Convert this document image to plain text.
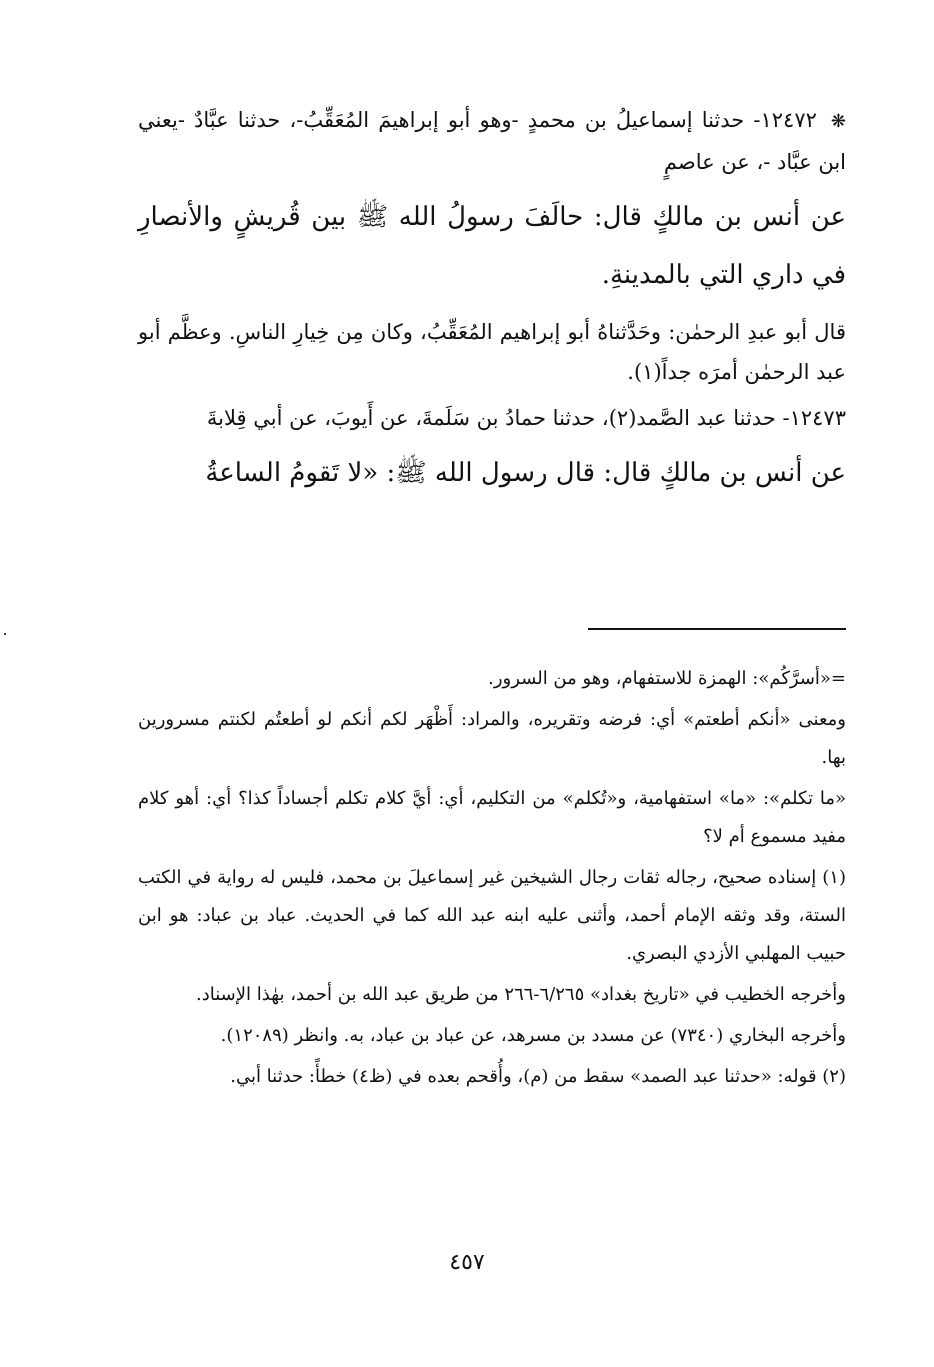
❋١٢٤٧٢- حدثنا إسماعيلُ بن محمدٍ -وهو أبو إبراهيمَ المُعَقِّبُ-، حدثنا عبَّادٌ -يعني ابن عبَّاد -، عن عاصمٍ

عن أنس بن مالكٍ قال: حالَفَ رسولُ الله ﷺ بين قُريشٍ والأنصارِ في داري التي بالمدينةِ.

قال أبو عبدِ الرحمٰن: وحَدَّثناهُ أبو إبراهيم المُعَقِّبُ، وكان مِن خِيارِ الناسِ. وعظَّم أبو عبد الرحمٰن أمرَه جداً(١).

١٢٤٧٣- حدثنا عبد الصَّمد(٢)، حدثنا حمادُ بن سَلَمةَ، عن أَيوبَ، عن أبي قِلابةَ

عن أنس بن مالكٍ قال: قال رسول الله ﷺ: «لا تَقومُ الساعةُ

=«أسرَّكُم»: الهمزة للاستفهام، وهو من السرور.

ومعنى «أنكم أطعتم» أي: فرضه وتقريره، والمراد: أَظْهَر لكم أنكم لو أطعتُم لكنتم مسرورين بها.

«ما تكلم»: «ما» استفهامية، و«تُكلم» من التكليم، أي: أيَّ كلام تكلم أجساداً كذا؟ أي: أهو كلام مفيد مسموع أم لا؟

(١) إسناده صحيح، رجاله ثقات رجال الشيخين غير إسماعيلَ بن محمد، فليس له رواية في الكتب الستة، وقد وثقه الإمام أحمد، وأثنى عليه ابنه عبد الله كما في الحديث. عباد بن عباد: هو ابن حبيب المهلبي الأزدي البصري.

وأخرجه الخطيب في «تاريخ بغداد» ٦/٢٦٥-٢٦٦ من طريق عبد الله بن أحمد، بهٰذا الإسناد.

وأخرجه البخاري (٧٣٤٠) عن مسدد بن مسرهد، عن عباد بن عباد، به. وانظر (١٢٠٨٩).

(٢) قوله: «حدثنا عبد الصمد» سقط من (م)، وأُقحم بعده في (ظ٤) خطأً: حدثنا أبي.

٤٥٧
